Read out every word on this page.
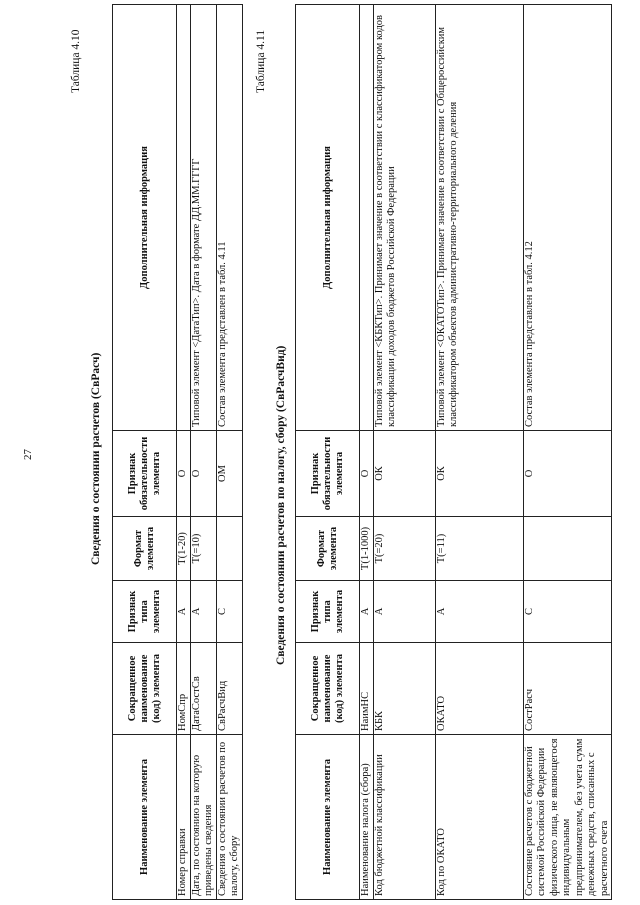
27
Таблица 4.10
Сведения о состоянии расчетов (СвРасч)
Наименование элемента	Сокращенное наименование (код) элемента	Признак типа элемента	Формат элемента	Признак обязательности элемента	Дополнительная информация
Номер справки	НомСпр	А	T(1-20)	О	
Дата, по состоянию на которую приведены сведения	ДатаСостСв	А	T(=10)	О	Типовой элемент <ДатаТип>. Дата в формате ДД.ММ.ГГГГ
Сведения о состоянии расчетов по налогу, сбору	СвРасчВид	С		ОМ	Состав элемента представлен в табл. 4.11
Таблица 4.11
Сведения о состоянии расчетов по налогу, сбору (СвРасчВид)
Наименование элемента	Сокращенное наименование (код) элемента	Признак типа элемента	Формат элемента	Признак обязательности элемента	Дополнительная информация
Наименование налога (сбора)	НаимНС	А	T(1-1000)	О	
Код бюджетной классификации	КБК	А	T(=20)	ОК	Типовой элемент <КБКТип>. Принимает значение в соответствии с классификатором кодов классификации доходов бюджетов Российской Федерации
Код по ОКАТО	ОКАТО	А	T(=11)	ОК	Типовой элемент <ОКАТОТип>. Принимает значение в соответствии с Общероссийским классификатором объектов административно-территориального деления
Состояние расчетов с бюджетной системой Российской Федерации физического лица, не являющегося индивидуальным предпринимателем, без учета сумм денежных средств, списанных с расчетного счета	СостРасч	С		О	Состав элемента представлен в табл. 4.12
